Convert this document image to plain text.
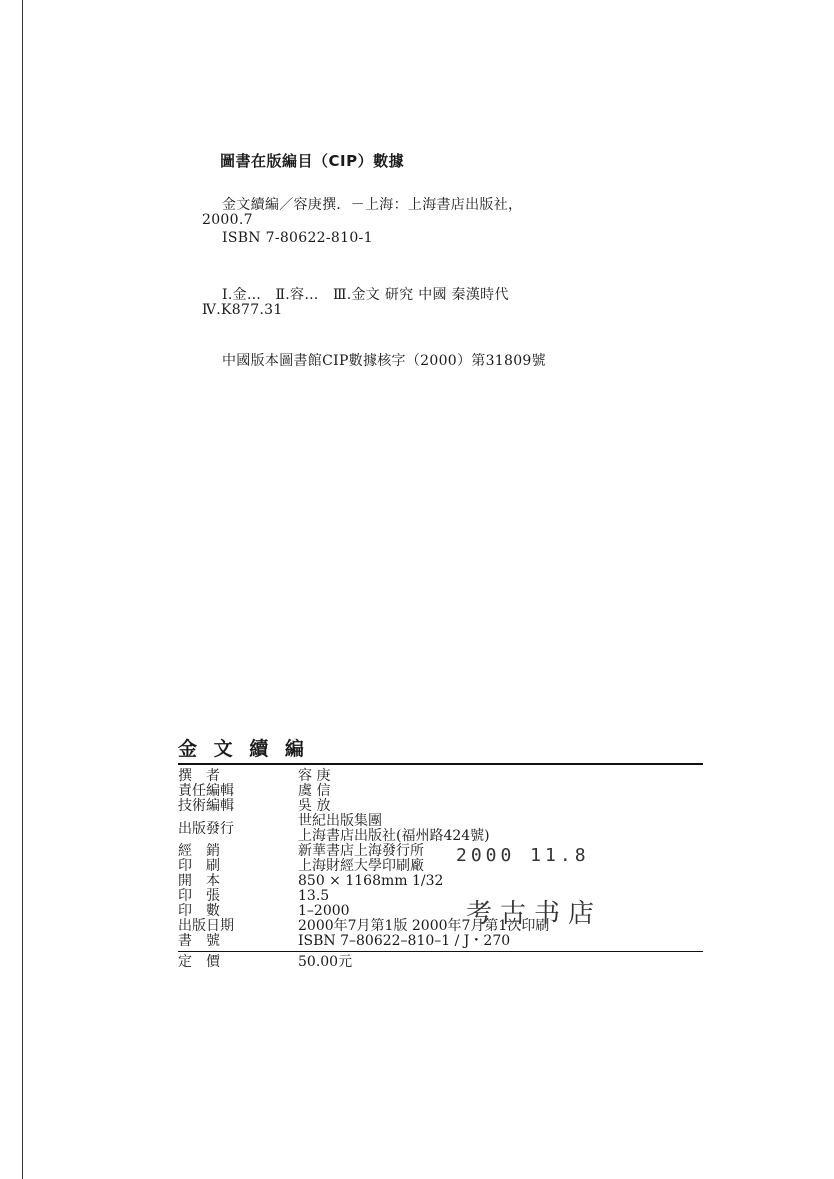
圖書在版編目（CIP）數據
金文續編／容庚撰．－上海：上海書店出版社，
2000.7
ISBN 7-80622-810-1
Ⅰ.金…　Ⅱ.容…　Ⅲ.金文 研究 中國 秦漢時代
Ⅳ.K877.31
中國版本圖書館CIP數據核字（2000）第31809號
金 文 續 編
撰　者	容 庚
責任編輯	虞 信
技術編輯	吳 放
出版發行	世紀出版集團
上海書店出版社(福州路424號)
經　銷	新華書店上海發行所
印　刷	上海財經大學印刷廠
開　本	850 × 1168mm 1/32
印　張	13.5
印　數	1–2000
出版日期	2000年7月第1版 2000年7月第1次印刷
書　號	ISBN 7–80622–810–1 / J・270
定　價	50.00元
2000 11.8
考古书店
